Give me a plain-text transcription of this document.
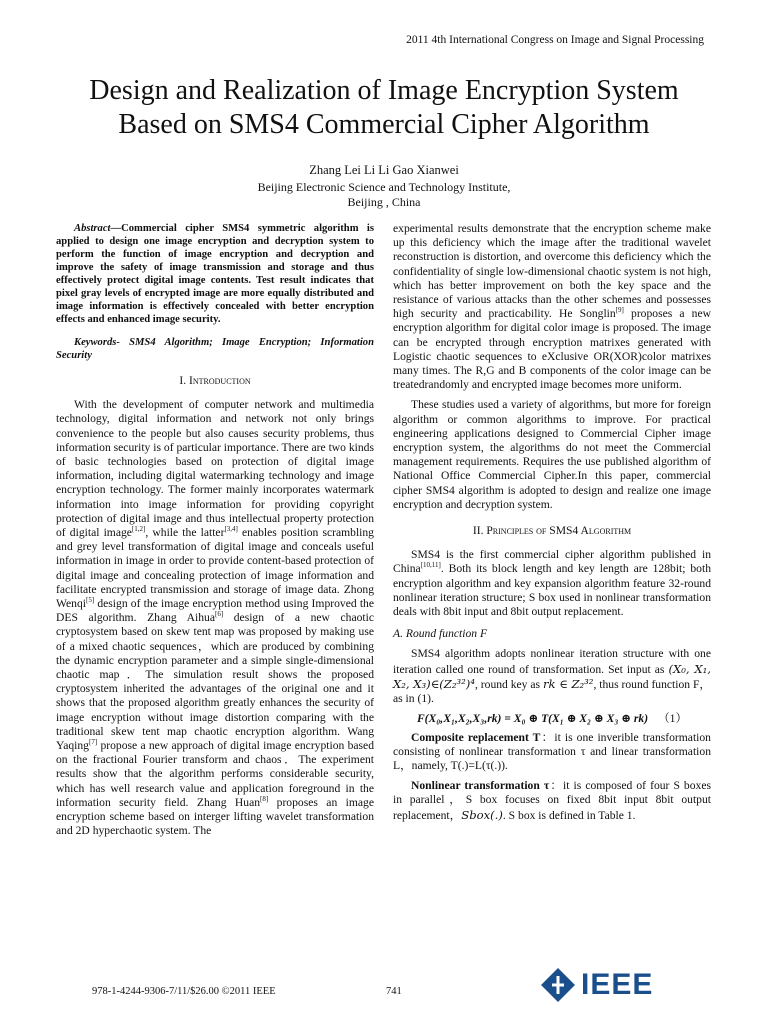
2011 4th International Congress on Image and Signal Processing
Design and Realization of Image Encryption System
Based on SMS4 Commercial Cipher Algorithm
Zhang Lei Li Li Gao Xianwei
Beijing Electronic Science and Technology Institute,
Beijing , China

Abstract—Commercial cipher SMS4 symmetric algorithm is applied to design one image encryption and decryption system to perform the function of image encryption and decryption and improve the safety of image transmission and storage and thus effectively protect digital image contents. Test result indicates that pixel gray levels of encrypted image are more equally distributed and image information is effectively concealed with better encryption effects and enhanced image security.

Keywords- SMS4 Algorithm; Image Encryption; Information Security

I. Introduction

With the development of computer network and multimedia technology, digital information and network not only brings convenience to the people but also causes security problems, thus information security is of particular importance. There are two kinds of basic technologies based on protection of digital image information, including digital watermarking technology and image encryption technology. The former mainly incorporates watermark information into image information for providing copyright protection of digital image and thus intellectual property protection of digital image[1,2], while the latter[3,4] enables position scrambling and grey level transformation of digital image and conceals useful information in image in order to provide content-based protection of digital image and concealing protection of image information and facilitate encrypted transmission and storage of image data. Zhong Wenqi[5] design of the image encryption method using Improved the DES algorithm. Zhang Aihua[6] design of a new chaotic cryptosystem based on skew tent map was proposed by making use of a mixed chaotic sequences，which are produced by combining the dynamic encryption parameter and a simple single-dimensional chaotic map．The simulation result shows the proposed cryptosystem inherited the advantages of the original one and it shows that the proposed algorithm greatly enhances the security of image encryption without image distortion comparing with the traditional skew tent map chaotic encryption algorithm. Wang Yaqing[7] propose a new approach of digital image encryption based on the fractional Fourier transform and chaos．The experiment results show that the algorithm performs considerable security, which has well research value and application foreground in the information security field. Zhang Huan[8] proposes an image encryption scheme based on interger lifting wavelet transformation and 2D hyperchaotic system. The

experimental results demonstrate that the encryption scheme make up this deficiency which the image after the traditional wavelet reconstruction is distortion, and overcome this deficiency which the confidentiality of single low-dimensional chaotic system is not high, which has better improvement on both the key space and the resistance of various attacks than the other schemes and possesses high security and practicability. He Songlin[9] proposes a new encryption algorithm for digital color image is proposed. The image can be encrypted through encryption matrixes generated with Logistic chaotic sequences to eXclusive OR(XOR)color matrixes many times. The R,G and B components of the color image can be treatedrandomly and encrypted image becomes more uniform.

These studies used a variety of algorithms, but more for foreign algorithm or common algorithms to improve. For practical engineering applications designed to Commercial Cipher image encryption system, the algorithms do not meet the Commercial management requirements. Requires the use published algorithm of National Office Commercial Cipher.In this paper, commercial cipher SMS4 algorithm is adopted to design and realize one image encryption and decryption system.

II. Principles of SMS4 Algorithm

SMS4 is the first commercial cipher algorithm published in China[10,11]. Both its block length and key length are 128bit; both encryption algorithm and key expansion algorithm feature 32-round nonlinear iteration structure; S box used in nonlinear transformation deals with 8bit input and 8bit output replacement.

A. Round function F

SMS4 algorithm adopts nonlinear iteration structure with one iteration called one round of transformation. Set input as (X₀, X₁, X₂, X₃)∈(Z₂³²)⁴, round key as rk ∈ Z₂³², thus round function F，as in (1).

F(X₀,X₁,X₂,X₃,rk) = X₀ ⊕ T(X₁ ⊕ X₂ ⊕ X₃ ⊕ rk) （1）

Composite replacement T：it is one inverible transformation consisting of nonlinear transformation τ and linear transformation L，namely, T(.)=L(τ(.)).

Nonlinear transformation τ：it is composed of four S boxes in parallel，S box focuses on fixed 8bit input 8bit output replacement，Sbox(.). S box is defined in Table 1.

978-1-4244-9306-7/11/$26.00 ©2011 IEEE	741	IEEE
